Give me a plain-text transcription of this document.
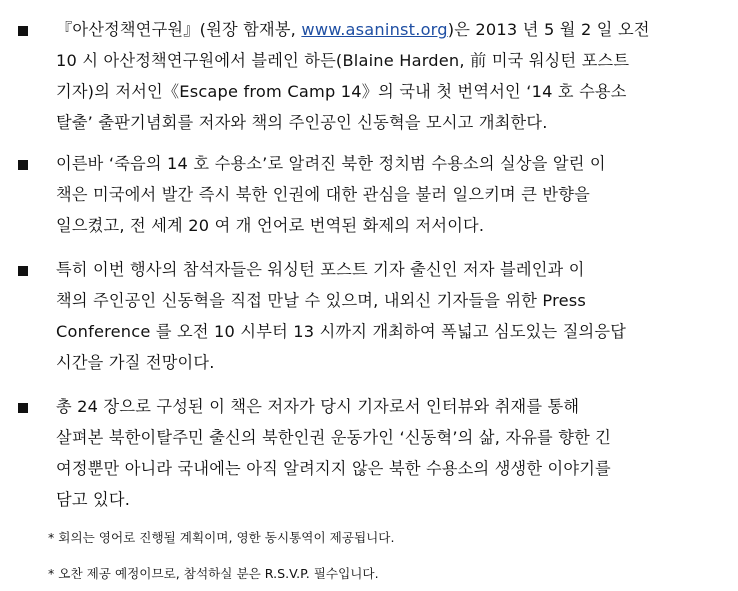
『아산정책연구원』(원장 함재봉, www.asaninst.org)은 2013 년 5 월 2 일 오전
10 시 아산정책연구원에서 블레인 하든(Blaine Harden, 前 미국 워싱턴 포스트
기자)의 저서인《Escape from Camp 14》의 국내 첫 번역서인 ‘14 호 수용소
탈출’ 출판기념회를 저자와 책의 주인공인 신동혁을 모시고 개최한다.
이른바 ‘죽음의 14 호 수용소’로 알려진 북한 정치범 수용소의 실상을 알린 이
책은 미국에서 발간 즉시 북한 인권에 대한 관심을 불러 일으키며 큰 반향을
일으켰고, 전 세계 20 여 개 언어로 번역된 화제의 저서이다.
특히 이번 행사의 참석자들은 워싱턴 포스트 기자 출신인 저자 블레인과 이
책의 주인공인 신동혁을 직접 만날 수 있으며, 내외신 기자들을 위한 Press
Conference 를 오전 10 시부터 13 시까지 개최하여 폭넓고 심도있는 질의응답
시간을 가질 전망이다.
총 24 장으로 구성된 이 책은 저자가 당시 기자로서 인터뷰와 취재를 통해
살펴본 북한이탈주민 출신의 북한인권 운동가인 ‘신동혁’의 삶, 자유를 향한 긴
여정뿐만 아니라 국내에는 아직 알려지지 않은 북한 수용소의 생생한 이야기를
담고 있다.
* 회의는 영어로 진행될 계획이며, 영한 동시통역이 제공됩니다.
* 오찬 제공 예정이므로, 참석하실 분은 R.S.V.P. 필수입니다.
